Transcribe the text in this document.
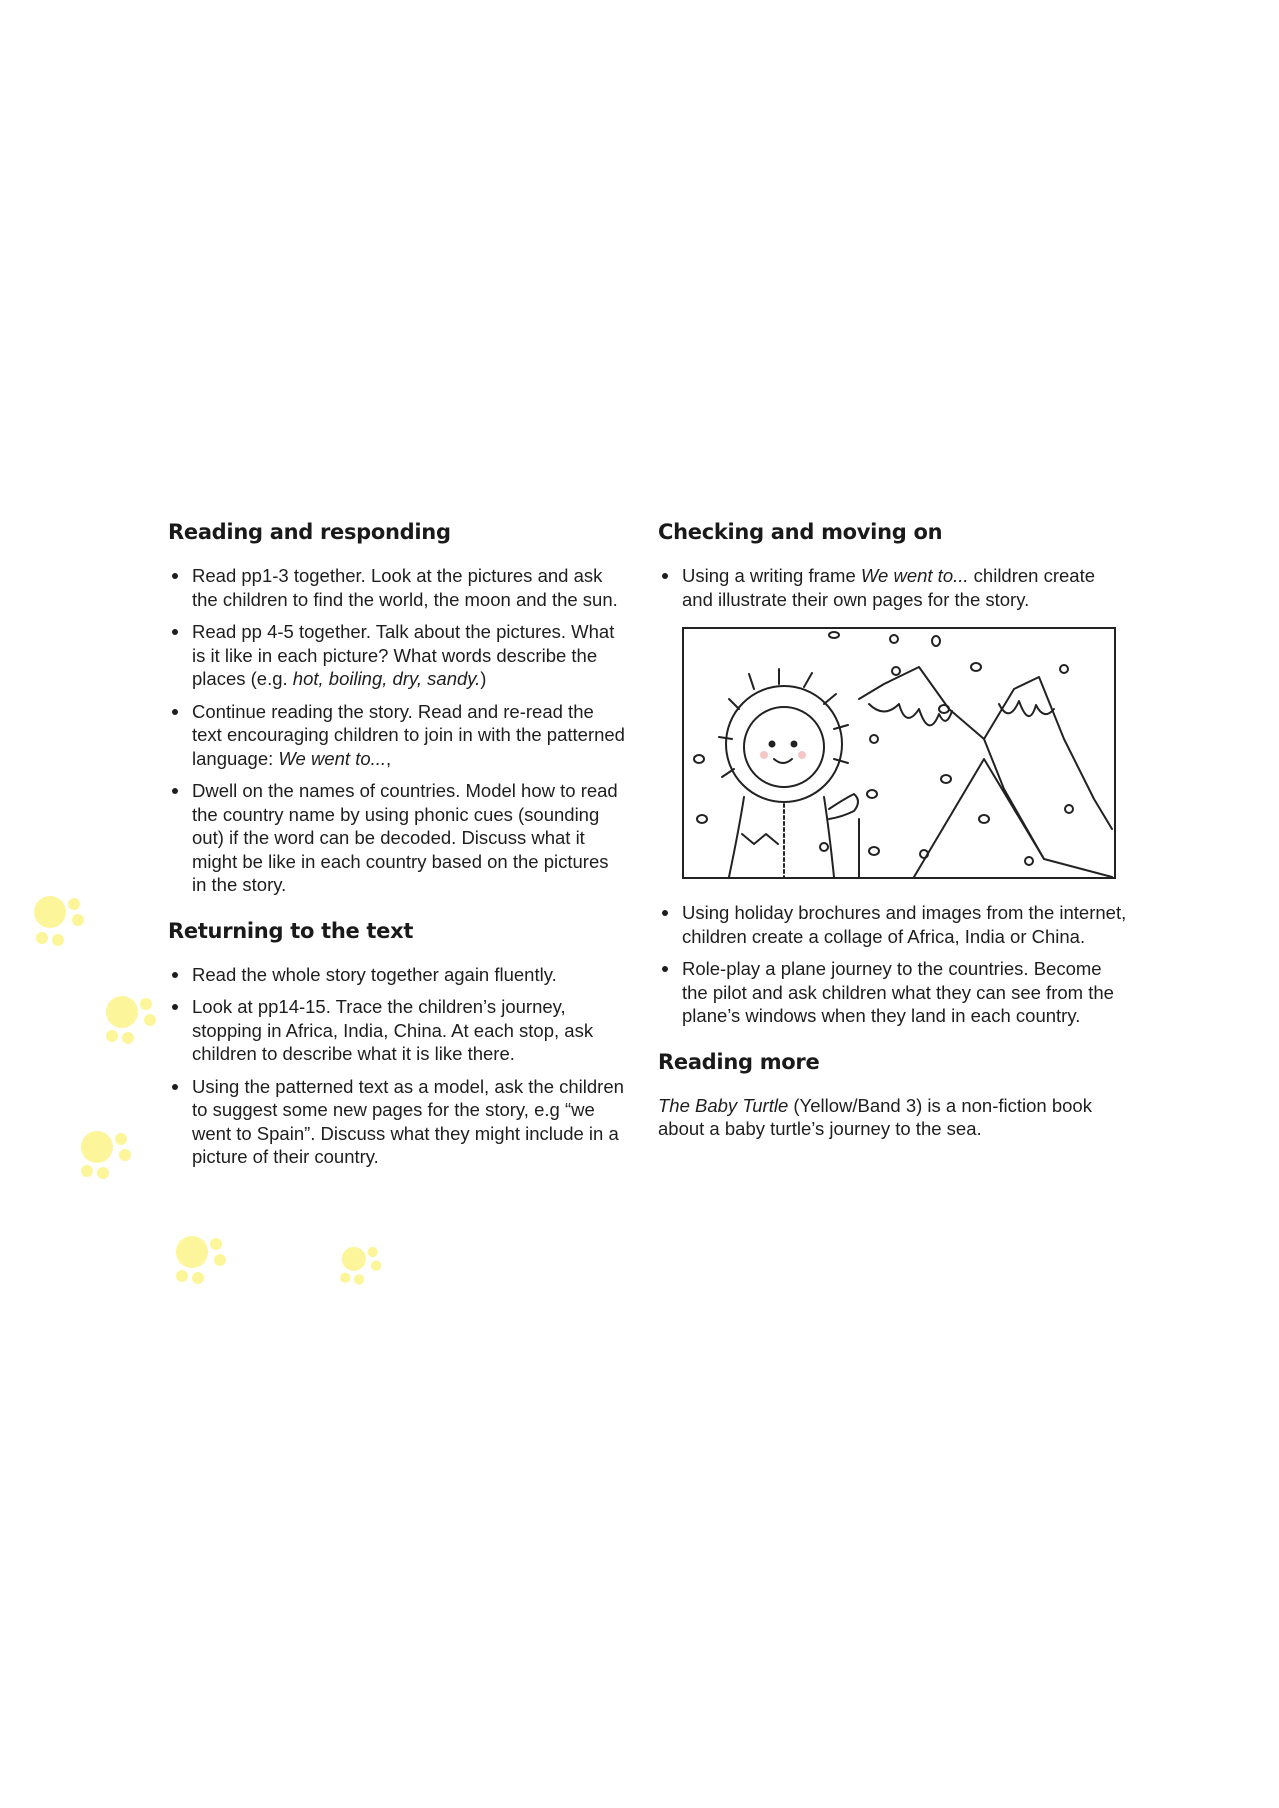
Reading and responding
Read pp1-3 together. Look at the pictures and ask the children to find the world, the moon and the sun.
Read pp 4-5 together. Talk about the pictures. What is it like in each picture? What words describe the places (e.g. hot, boiling, dry, sandy.)
Continue reading the story. Read and re-read the text encouraging children to join in with the patterned language: We went to...,
Dwell on the names of countries. Model how to read the country name by using phonic cues (sounding out) if the word can be decoded. Discuss what it might be like in each country based on the pictures in the story.
Returning to the text
Read the whole story together again fluently.
Look at pp14-15. Trace the children’s journey, stopping in Africa, India, China. At each stop, ask children to describe what it is like there.
Using the patterned text as a model, ask the children to suggest some new pages for the story, e.g “we went to Spain”. Discuss what they might include in a picture of their country.
Checking and moving on
Using a writing frame We went to... children create and illustrate their own pages for the story.
Using holiday brochures and images from the internet, children create a collage of Africa, India or China.
Role-play a plane journey to the countries. Become the pilot and ask children what they can see from the plane’s windows when they land in each country.
Reading more

The Baby Turtle (Yellow/Band 3) is a non-fiction book about a baby turtle’s journey to the sea.
